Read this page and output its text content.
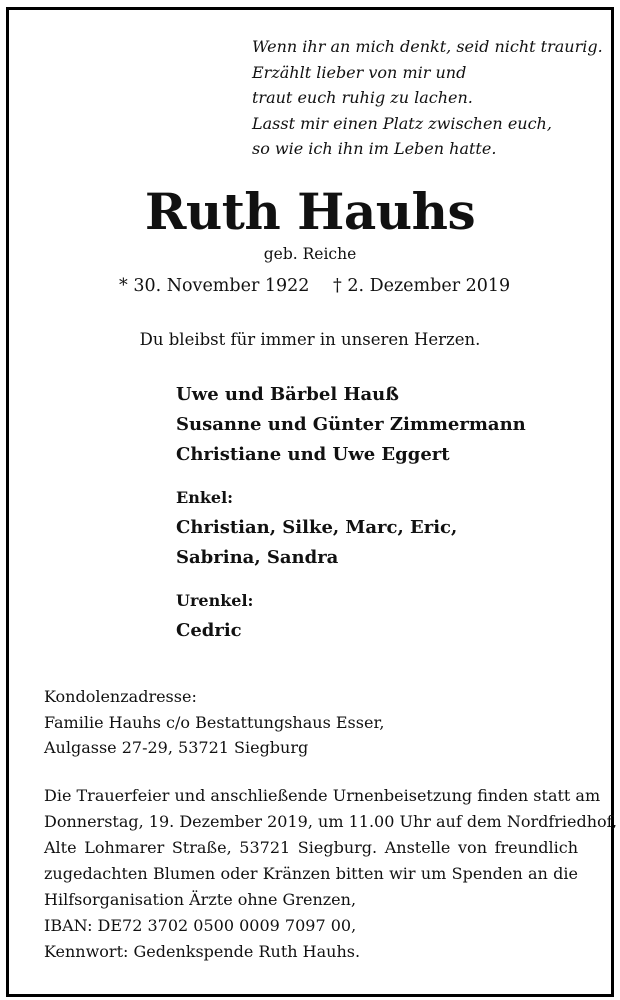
Wenn ihr an mich denkt, seid nicht traurig.
Erzählt lieber von mir und
traut euch ruhig zu lachen.
Lasst mir einen Platz zwischen euch,
so wie ich ihn im Leben hatte.
Ruth Hauhs
geb. Reiche
* 30. November 1922 † 2. Dezember 2019
Du bleibst für immer in unseren Herzen.
Uwe und Bärbel Hauß
Susanne und Günter Zimmermann
Christiane und Uwe Eggert
Enkel:
Christian, Silke, Marc, Eric,
Sabrina, Sandra
Urenkel:
Cedric
Kondolenzadresse:
Familie Hauhs c/o Bestattungshaus Esser,
Aulgasse 27-29, 53721 Siegburg
Die Trauerfeier und anschließende Urnenbeisetzung finden statt am
Donnerstag, 19. Dezember 2019, um 11.00 Uhr auf dem Nordfriedhof,
Alte Lohmarer Straße, 53721 Siegburg. Anstelle von freundlich
zugedachten Blumen oder Kränzen bitten wir um Spenden an die
Hilfsorganisation Ärzte ohne Grenzen,
IBAN: DE72 3702 0500 0009 7097 00,
Kennwort: Gedenkspende Ruth Hauhs.
